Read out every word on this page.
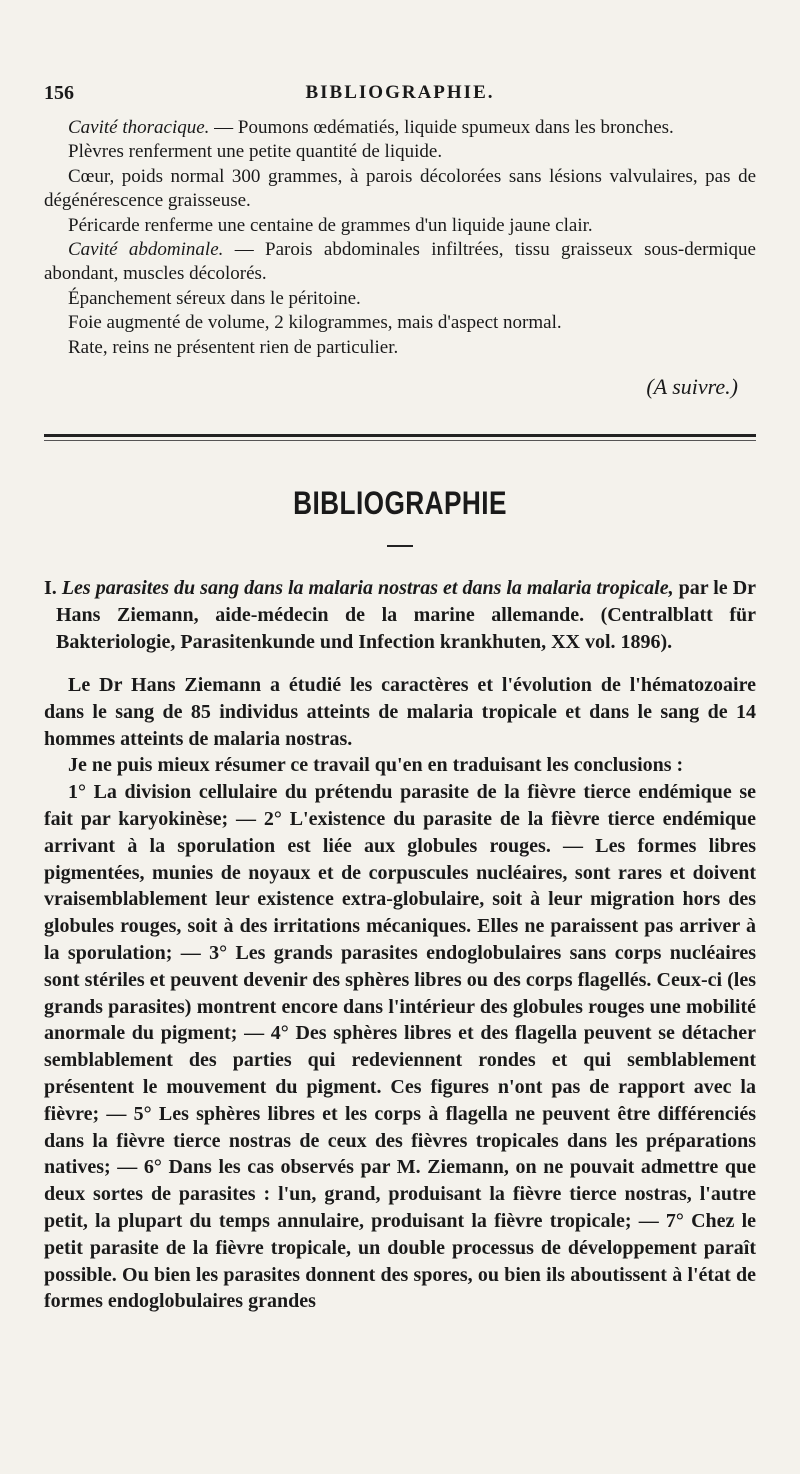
156	BIBLIOGRAPHIE.

Cavité thoracique. — Poumons œdématiés, liquide spumeux dans les bronches.

Plèvres renferment une petite quantité de liquide.

Cœur, poids normal 300 grammes, à parois décolorées sans lésions valvulaires, pas de dégénérescence graisseuse.

Péricarde renferme une centaine de grammes d'un liquide jaune clair.

Cavité abdominale. — Parois abdominales infiltrées, tissu graisseux sous-dermique abondant, muscles décolorés.

Épanchement séreux dans le péritoine.

Foie augmenté de volume, 2 kilogrammes, mais d'aspect normal.

Rate, reins ne présentent rien de particulier.

(A suivre.)
BIBLIOGRAPHIE

I. Les parasites du sang dans la malaria nostras et dans la malaria tropicale, par le Dr Hans Ziemann, aide-médecin de la marine allemande. (Centralblatt für Bakteriologie, Parasitenkunde und Infection krankhuten, XX vol. 1896).

Le Dr Hans Ziemann a étudié les caractères et l'évolution de l'hématozoaire dans le sang de 85 individus atteints de malaria tropicale et dans le sang de 14 hommes atteints de malaria nostras.

Je ne puis mieux résumer ce travail qu'en en traduisant les conclusions :

1° La division cellulaire du prétendu parasite de la fièvre tierce endémique se fait par karyokinèse; — 2° L'existence du parasite de la fièvre tierce endémique arrivant à la sporulation est liée aux globules rouges. — Les formes libres pigmentées, munies de noyaux et de corpuscules nucléaires, sont rares et doivent vraisemblablement leur existence extra-globulaire, soit à leur migration hors des globules rouges, soit à des irritations mécaniques. Elles ne paraissent pas arriver à la sporulation; — 3° Les grands parasites endoglobulaires sans corps nucléaires sont stériles et peuvent devenir des sphères libres ou des corps flagellés. Ceux-ci (les grands parasites) montrent encore dans l'intérieur des globules rouges une mobilité anormale du pigment; — 4° Des sphères libres et des flagella peuvent se détacher semblablement des parties qui redeviennent rondes et qui semblablement présentent le mouvement du pigment. Ces figures n'ont pas de rapport avec la fièvre; — 5° Les sphères libres et les corps à flagella ne peuvent être différenciés dans la fièvre tierce nostras de ceux des fièvres tropicales dans les préparations natives; — 6° Dans les cas observés par M. Ziemann, on ne pouvait admettre que deux sortes de parasites : l'un, grand, produisant la fièvre tierce nostras, l'autre petit, la plupart du temps annulaire, produisant la fièvre tropicale; — 7° Chez le petit parasite de la fièvre tropicale, un double processus de développement paraît possible. Ou bien les parasites donnent des spores, ou bien ils aboutissent à l'état de formes endoglobulaires grandes
